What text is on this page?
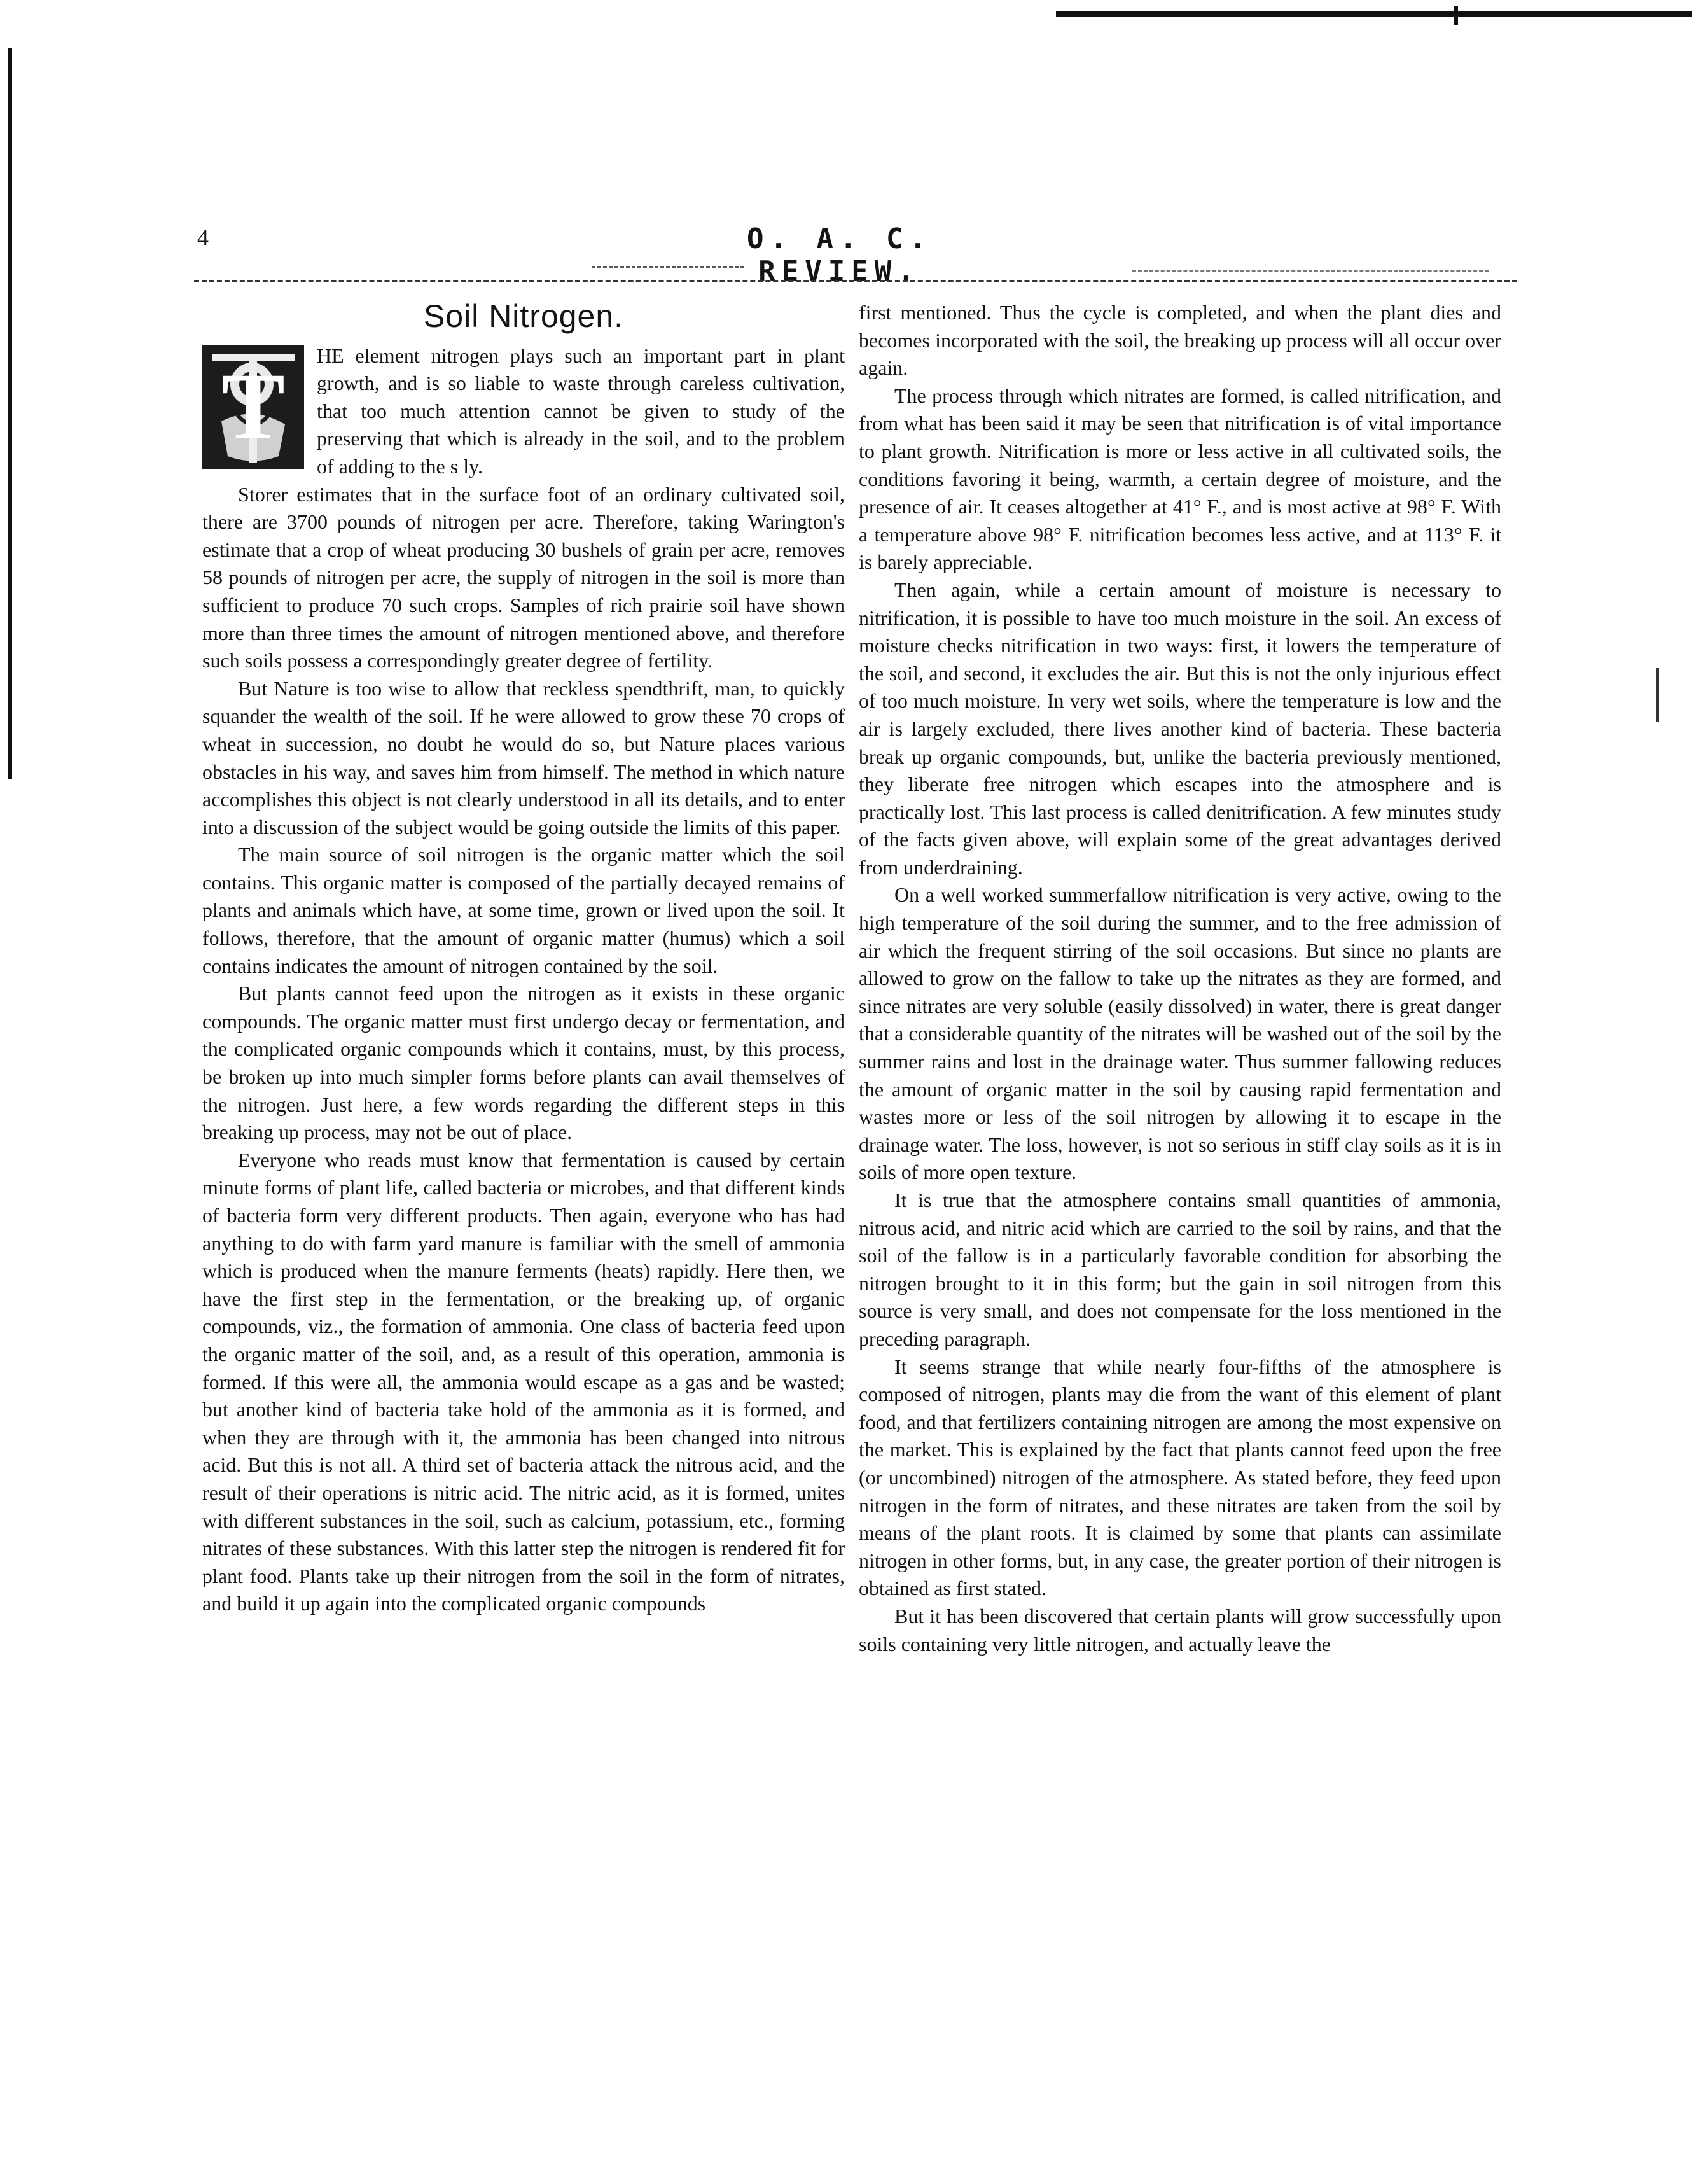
4	O. A. C. REVIEW.
Soil Nitrogen.
T	HE element nitrogen plays such an important part in plant growth, and is so liable to waste through careless cultivation, that too much attention cannot be given to study of the preserving that which is already in the soil, and to the problem of adding to the s ly.

Storer estimates that in the surface foot of an ordinary cultivated soil, there are 3700 pounds of nitrogen per acre. Therefore, taking Warington's estimate that a crop of wheat producing 30 bushels of grain per acre, removes 58 pounds of nitrogen per acre, the supply of nitrogen in the soil is more than sufficient to produce 70 such crops. Samples of rich prairie soil have shown more than three times the amount of nitrogen mentioned above, and therefore such soils possess a correspondingly greater degree of fertility.

But Nature is too wise to allow that reckless spendthrift, man, to quickly squander the wealth of the soil. If he were allowed to grow these 70 crops of wheat in succession, no doubt he would do so, but Nature places various obstacles in his way, and saves him from himself. The method in which nature accomplishes this object is not clearly understood in all its details, and to enter into a discussion of the subject would be going outside the limits of this paper.

The main source of soil nitrogen is the organic matter which the soil contains. This organic matter is composed of the partially decayed remains of plants and animals which have, at some time, grown or lived upon the soil. It follows, therefore, that the amount of organic matter (humus) which a soil contains indicates the amount of nitrogen contained by the soil.

But plants cannot feed upon the nitrogen as it exists in these organic compounds. The organic matter must first undergo decay or fermentation, and the complicated organic compounds which it contains, must, by this process, be broken up into much simpler forms before plants can avail themselves of the nitrogen. Just here, a few words regarding the different steps in this breaking up process, may not be out of place.

Everyone who reads must know that fermentation is caused by certain minute forms of plant life, called bacteria or microbes, and that different kinds of bacteria form very different products. Then again, everyone who has had anything to do with farm yard manure is familiar with the smell of ammonia which is produced when the manure ferments (heats) rapidly. Here then, we have the first step in the fermentation, or the breaking up, of organic compounds, viz., the formation of ammonia. One class of bacteria feed upon the organic matter of the soil, and, as a result of this operation, ammonia is formed. If this were all, the ammonia would escape as a gas and be wasted; but another kind of bacteria take hold of the ammonia as it is formed, and when they are through with it, the ammonia has been changed into nitrous acid. But this is not all. A third set of bacteria attack the nitrous acid, and the result of their operations is nitric acid. The nitric acid, as it is formed, unites with different substances in the soil, such as calcium, potassium, etc., forming nitrates of these substances. With this latter step the nitrogen is rendered fit for plant food. Plants take up their nitrogen from the soil in the form of nitrates, and build it up again into the complicated organic compounds

first mentioned. Thus the cycle is completed, and when the plant dies and becomes incorporated with the soil, the breaking up process will all occur over again.

The process through which nitrates are formed, is called nitrification, and from what has been said it may be seen that nitrification is of vital importance to plant growth. Nitrification is more or less active in all cultivated soils, the conditions favoring it being, warmth, a certain degree of moisture, and the presence of air. It ceases altogether at 41° F., and is most active at 98° F. With a temperature above 98° F. nitrification becomes less active, and at 113° F. it is barely appreciable.

Then again, while a certain amount of moisture is necessary to nitrification, it is possible to have too much moisture in the soil. An excess of moisture checks nitrification in two ways: first, it lowers the temperature of the soil, and second, it excludes the air. But this is not the only injurious effect of too much moisture. In very wet soils, where the temperature is low and the air is largely excluded, there lives another kind of bacteria. These bacteria break up organic compounds, but, unlike the bacteria previously mentioned, they liberate free nitrogen which escapes into the atmosphere and is practically lost. This last process is called denitrification. A few minutes study of the facts given above, will explain some of the great advantages derived from underdraining.

On a well worked summerfallow nitrification is very active, owing to the high temperature of the soil during the summer, and to the free admission of air which the frequent stirring of the soil occasions. But since no plants are allowed to grow on the fallow to take up the nitrates as they are formed, and since nitrates are very soluble (easily dissolved) in water, there is great danger that a considerable quantity of the nitrates will be washed out of the soil by the summer rains and lost in the drainage water. Thus summer fallowing reduces the amount of organic matter in the soil by causing rapid fermentation and wastes more or less of the soil nitrogen by allowing it to escape in the drainage water. The loss, however, is not so serious in stiff clay soils as it is in soils of more open texture.

It is true that the atmosphere contains small quantities of ammonia, nitrous acid, and nitric acid which are carried to the soil by rains, and that the soil of the fallow is in a particularly favorable condition for absorbing the nitrogen brought to it in this form; but the gain in soil nitrogen from this source is very small, and does not compensate for the loss mentioned in the preceding paragraph.

It seems strange that while nearly four-fifths of the atmosphere is composed of nitrogen, plants may die from the want of this element of plant food, and that fertilizers containing nitrogen are among the most expensive on the market. This is explained by the fact that plants cannot feed upon the free (or uncombined) nitrogen of the atmosphere. As stated before, they feed upon nitrogen in the form of nitrates, and these nitrates are taken from the soil by means of the plant roots. It is claimed by some that plants can assimilate nitrogen in other forms, but, in any case, the greater portion of their nitrogen is obtained as first stated.

But it has been discovered that certain plants will grow successfully upon soils containing very little nitrogen, and actually leave the
